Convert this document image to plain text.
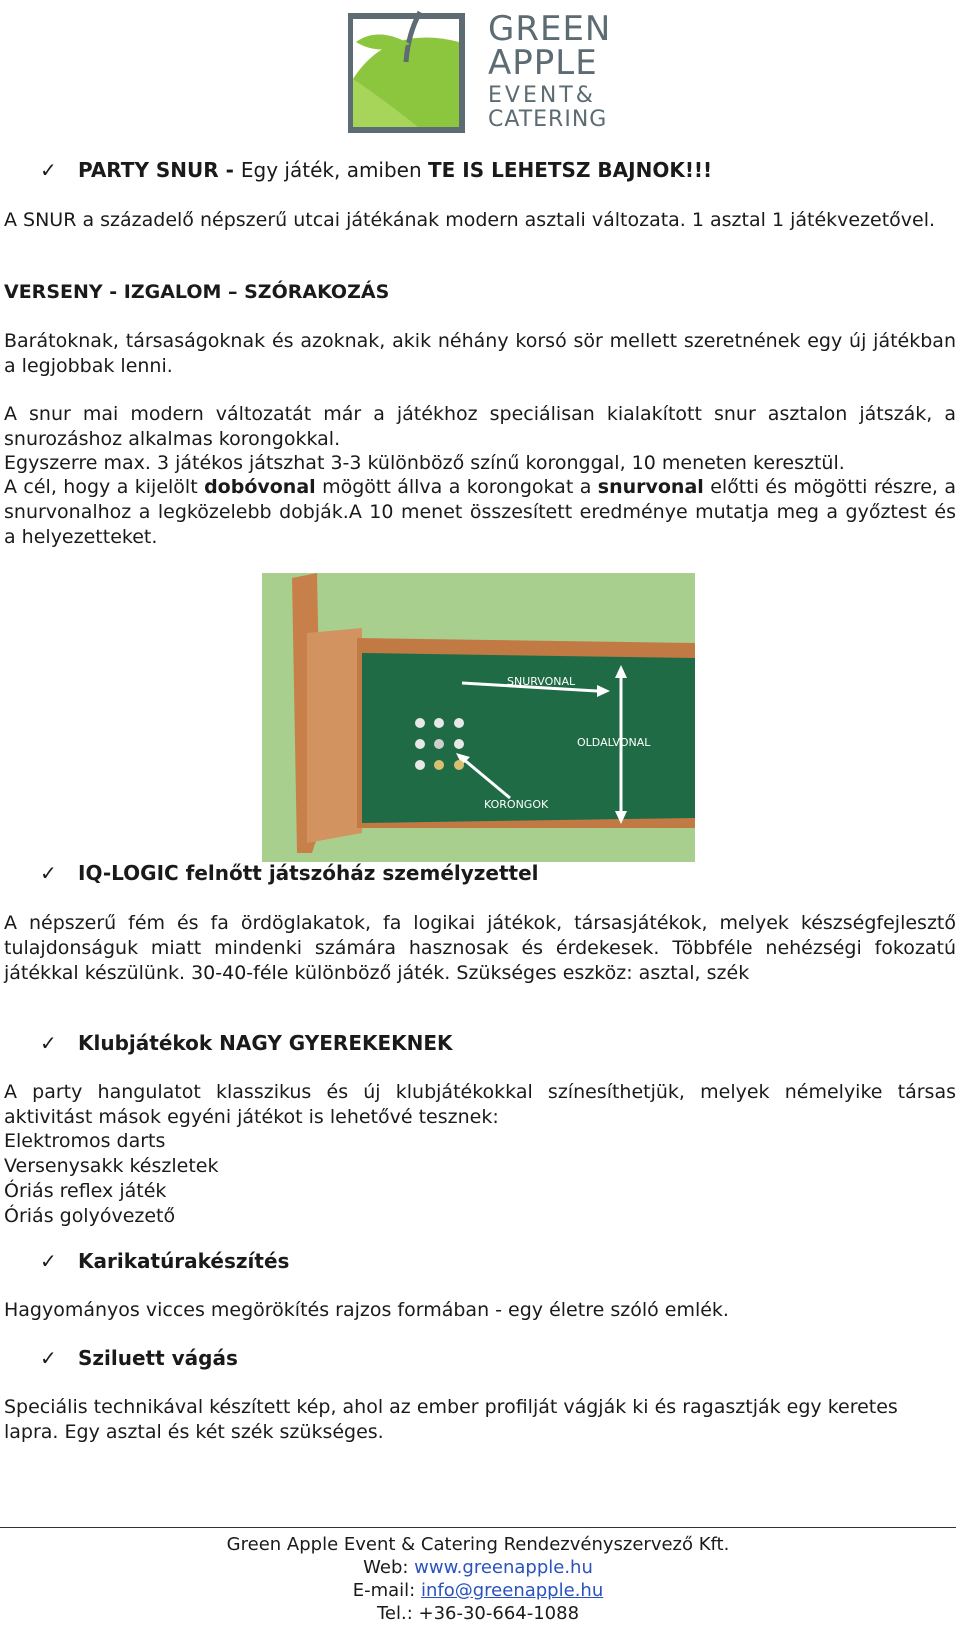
GREEN
APPLE
EVENT&
CATERING
✓ PARTY SNUR - Egy játék, amiben TE IS LEHETSZ BAJNOK!!!
A SNUR a századelő népszerű utcai játékának modern asztali változata. 1 asztal 1 játékvezetővel.
VERSENY - IZGALOM – SZÓRAKOZÁS
Barátoknak, társaságoknak és azoknak, akik néhány korsó sör mellett szeretnének egy új játékban a legjobbak lenni.
A snur mai modern változatát már a játékhoz speciálisan kialakított snur asztalon játszák, a snurozáshoz alkalmas korongokkal.
Egyszerre max. 3 játékos játszhat 3-3 különböző színű koronggal, 10 meneten keresztül.
A cél, hogy a kijelölt dobóvonal mögött állva a korongokat a snurvonal előtti és mögötti részre, a snurvonalhoz a legközelebb dobják.A 10 menet összesített eredménye mutatja meg a győztest és a helyezetteket.
SNURVONAL
OLDALVONAL
KORONGOK
✓ IQ-LOGIC felnőtt játszóház személyzettel
A népszerű fém és fa ördöglakatok, fa logikai játékok, társasjátékok, melyek készségfejlesztő tulajdonságuk miatt mindenki számára hasznosak és érdekesek. Többféle nehézségi fokozatú játékkal készülünk. 30-40-féle különböző játék. Szükséges eszköz: asztal, szék
✓ Klubjátékok NAGY GYEREKEKNEK
A party hangulatot klasszikus és új klubjátékokkal színesíthetjük, melyek némelyike társas aktivitást mások egyéni játékot is lehetővé tesznek:
Elektromos darts
Versenysakk készletek
Óriás reflex játék
Óriás golyóvezető
✓ Karikatúrakészítés
Hagyományos vicces megörökítés rajzos formában - egy életre szóló emlék.
✓ Sziluett vágás
Speciális technikával készített kép, ahol az ember profilját vágják ki és ragasztják egy keretes lapra. Egy asztal és két szék szükséges.
Green Apple Event & Catering Rendezvényszervező Kft.
Web: www.greenapple.hu
E-mail: info@greenapple.hu
Tel.: +36-30-664-1088
